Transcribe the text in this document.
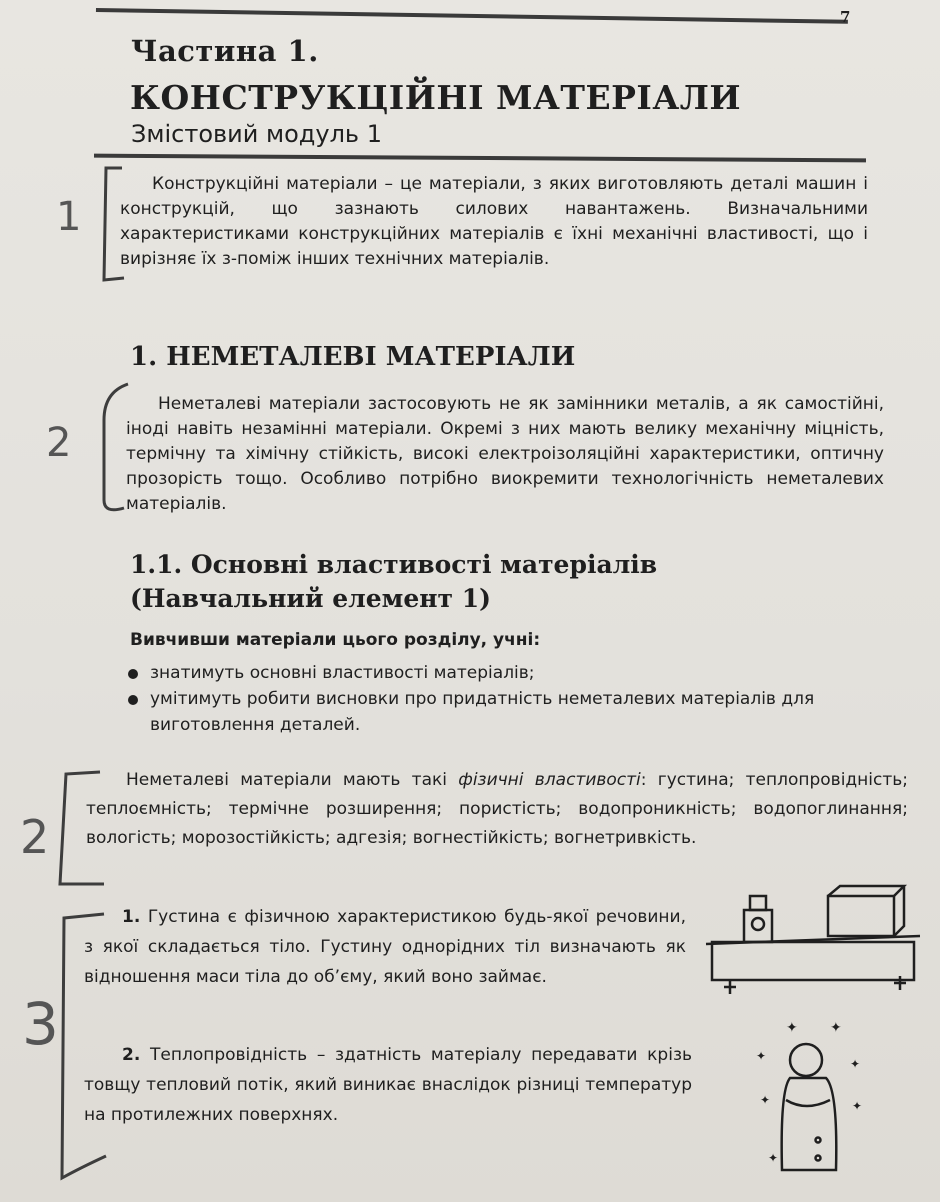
7
Частина 1.
КОНСТРУКЦІЙНІ МАТЕРІАЛИ
Змістовий модуль 1

Конструкційні матеріали – це матеріали, з яких виготовляють деталі машин і конструкцій, що зазнають силових навантажень. Визначальними характеристиками конструкційних матеріалів є їхні механічні властивості, що і вирізняє їх з-поміж інших технічних матеріалів.

1. НЕМЕТАЛЕВІ МАТЕРІАЛИ

Неметалеві матеріали застосовують не як замінники металів, а як самостійні, іноді навіть незамінні матеріали. Окремі з них мають велику механічну міцність, термічну та хімічну стійкість, високі електроізоляційні характеристики, оптичну прозорість тощо. Особливо потрібно виокремити технологічність неметалевих матеріалів.

1.1. Основні властивості матеріалів
(Навчальний елемент 1)
Вивчивши матеріали цього розділу, учні:
знатимуть основні властивості матеріалів;
умітимуть робити висновки про придатність неметалевих матеріалів для виготовлення деталей.

Неметалеві матеріали мають такі фізичні властивості: густина; теплопровідність; теплоємність; термічне розширення; пористість; водопроникність; водопоглинання; вологість; морозостійкість; адгезія; вогнестійкість; вогнетривкість.

1. Густина є фізичною характеристикою будь-якої речовини, з якої складається тіло. Густину однорідних тіл визначають як відношення маси тіла до об’єму, який воно займає.

2. Теплопровідність – здатність матеріалу передавати крізь товщу тепловий потік, який виникає внаслідок різниці температур на протилежних поверхнях.

1
2
2
3	✦ ✦
✦
✦
✦	✦
✦
